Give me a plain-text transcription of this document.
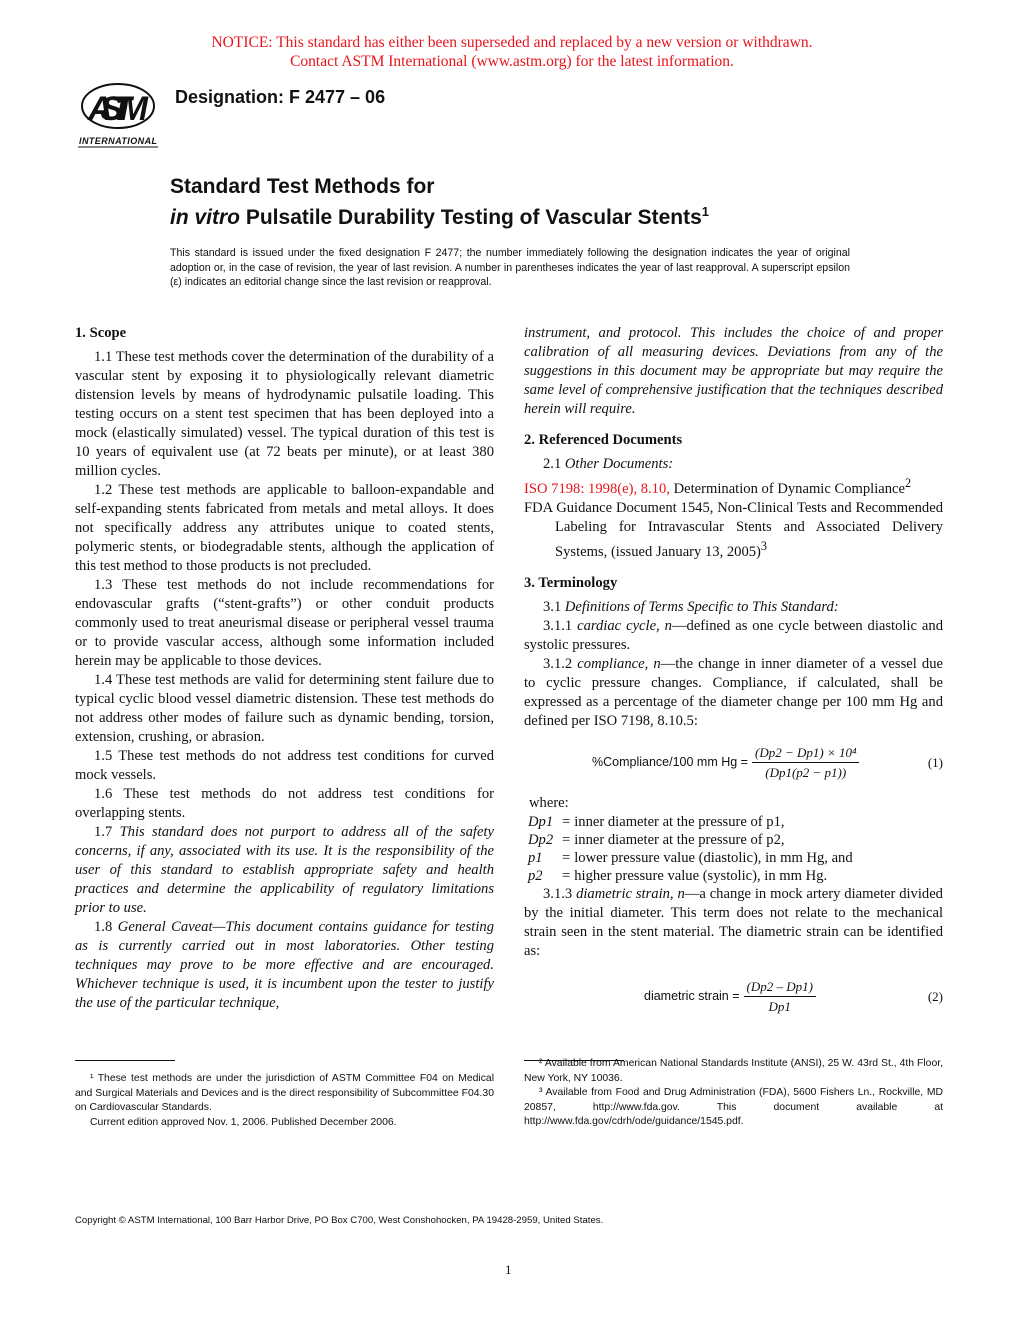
NOTICE: This standard has either been superseded and replaced by a new version or withdrawn.
Contact ASTM International (www.astm.org) for the latest information.
ASTM
INTERNATIONAL
Designation: F 2477 – 06
Standard Test Methods for
in vitro Pulsatile Durability Testing of Vascular Stents$^1$
This standard is issued under the fixed designation F 2477; the number immediately following the designation indicates the year of original adoption or, in the case of revision, the year of last revision. A number in parentheses indicates the year of last reapproval. A superscript epsilon (ε) indicates an editorial change since the last revision or reapproval.
1. Scope

1.1 These test methods cover the determination of the durability of a vascular stent by exposing it to physiologically relevant diametric distension levels by means of hydrodynamic pulsatile loading. This testing occurs on a stent test specimen that has been deployed into a mock (elastically simulated) vessel. The typical duration of this test is 10 years of equivalent use (at 72 beats per minute), or at least 380 million cycles.

1.2 These test methods are applicable to balloon-expandable and self-expanding stents fabricated from metals and metal alloys. It does not specifically address any attributes unique to coated stents, polymeric stents, or biodegradable stents, although the application of this test method to those products is not precluded.

1.3 These test methods do not include recommendations for endovascular grafts (“stent-grafts”) or other conduit products commonly used to treat aneurismal disease or peripheral vessel trauma or to provide vascular access, although some information included herein may be applicable to those devices.

1.4 These test methods are valid for determining stent failure due to typical cyclic blood vessel diametric distension. These test methods do not address other modes of failure such as dynamic bending, torsion, extension, crushing, or abrasion.

1.5 These test methods do not address test conditions for curved mock vessels.

1.6 These test methods do not address test conditions for overlapping stents.

1.7 This standard does not purport to address all of the safety concerns, if any, associated with its use. It is the responsibility of the user of this standard to establish appropriate safety and health practices and determine the applicability of regulatory limitations prior to use.

1.8 General Caveat—This document contains guidance for testing as is currently carried out in most laboratories. Other testing techniques may prove to be more effective and are encouraged. Whichever technique is used, it is incumbent upon the tester to justify the use of the particular technique,

instrument, and protocol. This includes the choice of and proper calibration of all measuring devices. Deviations from any of the suggestions in this document may be appropriate but may require the same level of comprehensive justification that the techniques described herein will require.

2. Referenced Documents

2.1 Other Documents:

ISO 7198: 1998(e), 8.10, Determination of Dynamic Compliance$^2$

FDA Guidance Document 1545, Non-Clinical Tests and Recommended Labeling for Intravascular Stents and Associated Delivery Systems, (issued January 13, 2005)$^3$

3. Terminology

3.1 Definitions of Terms Specific to This Standard:

3.1.1 cardiac cycle, n—defined as one cycle between diastolic and systolic pressures.

3.1.2 compliance, n—the change in inner diameter of a vessel due to cyclic pressure changes. Compliance, if calculated, shall be expressed as a percentage of the diameter change per 100 mm Hg and defined per ISO 7198, 8.10.5:

%Compliance/100 mm $Hg = \frac{\text{(Dp2 − Dp1) × 10⁴}}{(Dp1(p2 - p1))}$	(1)
where:
Dp1	=	inner diameter at the pressure of p1,
Dp2	=	inner diameter at the pressure of p2,
p1	=	lower pressure value (diastolic), in mm Hg, and
p2	=	higher pressure value (systolic), in mm Hg.

3.1.3 diametric strain, n—a change in mock artery diameter divided by the initial diameter. This term does not relate to the mechanical strain seen in the stent material. The diametric strain can be identified as:

diametric strain = $\frac{(Dp2 - Dp1)}{Dp1}$	(2)

¹ These test methods are under the jurisdiction of ASTM Committee F04 on Medical and Surgical Materials and Devices and is the direct responsibility of Subcommittee F04.30 on Cardiovascular Standards.

Current edition approved Nov. 1, 2006. Published December 2006.

² Available from American National Standards Institute (ANSI), 25 W. 43rd St., 4th Floor, New York, NY 10036.

³ Available from Food and Drug Administration (FDA), 5600 Fishers Ln., Rockville, MD 20857, http://www.fda.gov. This document available at http://www.fda.gov/cdrh/ode/guidance/1545.pdf.

Copyright © ASTM International, 100 Barr Harbor Drive, PO Box C700, West Conshohocken, PA 19428-2959, United States.
1
